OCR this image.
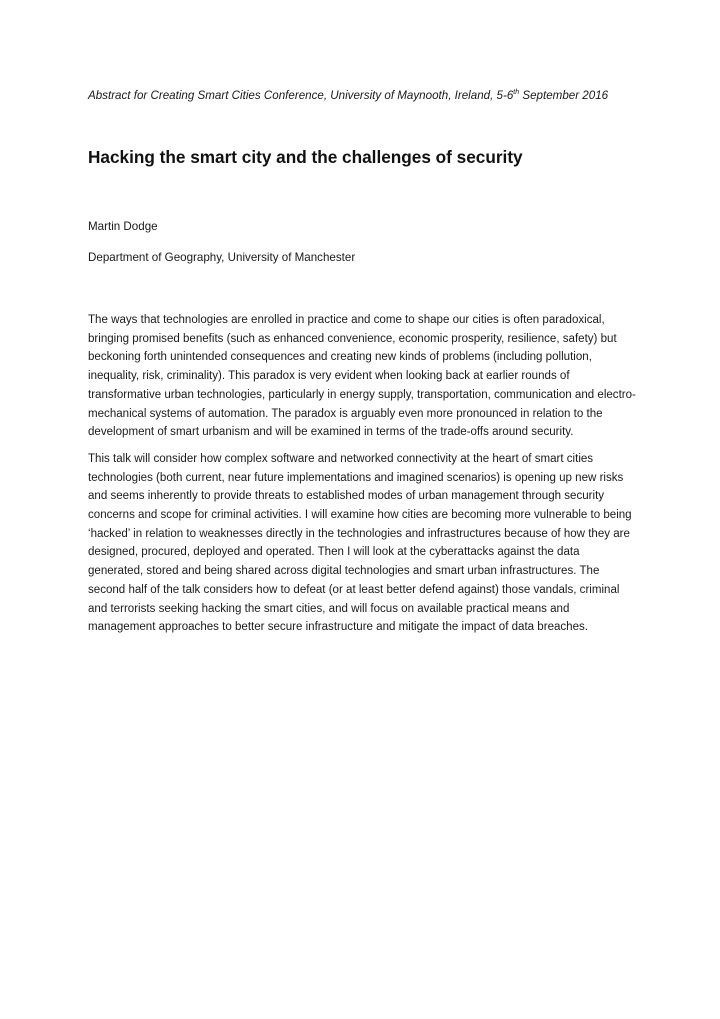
Abstract for Creating Smart Cities Conference, University of Maynooth, Ireland, 5-6th September 2016
Hacking the smart city and the challenges of security
Martin Dodge
Department of Geography, University of Manchester

The ways that technologies are enrolled in practice and come to shape our cities is often paradoxical, bringing promised benefits (such as enhanced convenience, economic prosperity, resilience, safety) but beckoning forth unintended consequences and creating new kinds of problems (including pollution, inequality, risk, criminality). This paradox is very evident when looking back at earlier rounds of transformative urban technologies, particularly in energy supply, transportation, communication and electro-mechanical systems of automation. The paradox is arguably even more pronounced in relation to the development of smart urbanism and will be examined in terms of the trade-offs around security.

This talk will consider how complex software and networked connectivity at the heart of smart cities technologies (both current, near future implementations and imagined scenarios) is opening up new risks and seems inherently to provide threats to established modes of urban management through security concerns and scope for criminal activities. I will examine how cities are becoming more vulnerable to being ‘hacked’ in relation to weaknesses directly in the technologies and infrastructures because of how they are designed, procured, deployed and operated. Then I will look at the cyberattacks against the data generated, stored and being shared across digital technologies and smart urban infrastructures. The second half of the talk considers how to defeat (or at least better defend against) those vandals, criminal and terrorists seeking hacking the smart cities, and will focus on available practical means and management approaches to better secure infrastructure and mitigate the impact of data breaches.
